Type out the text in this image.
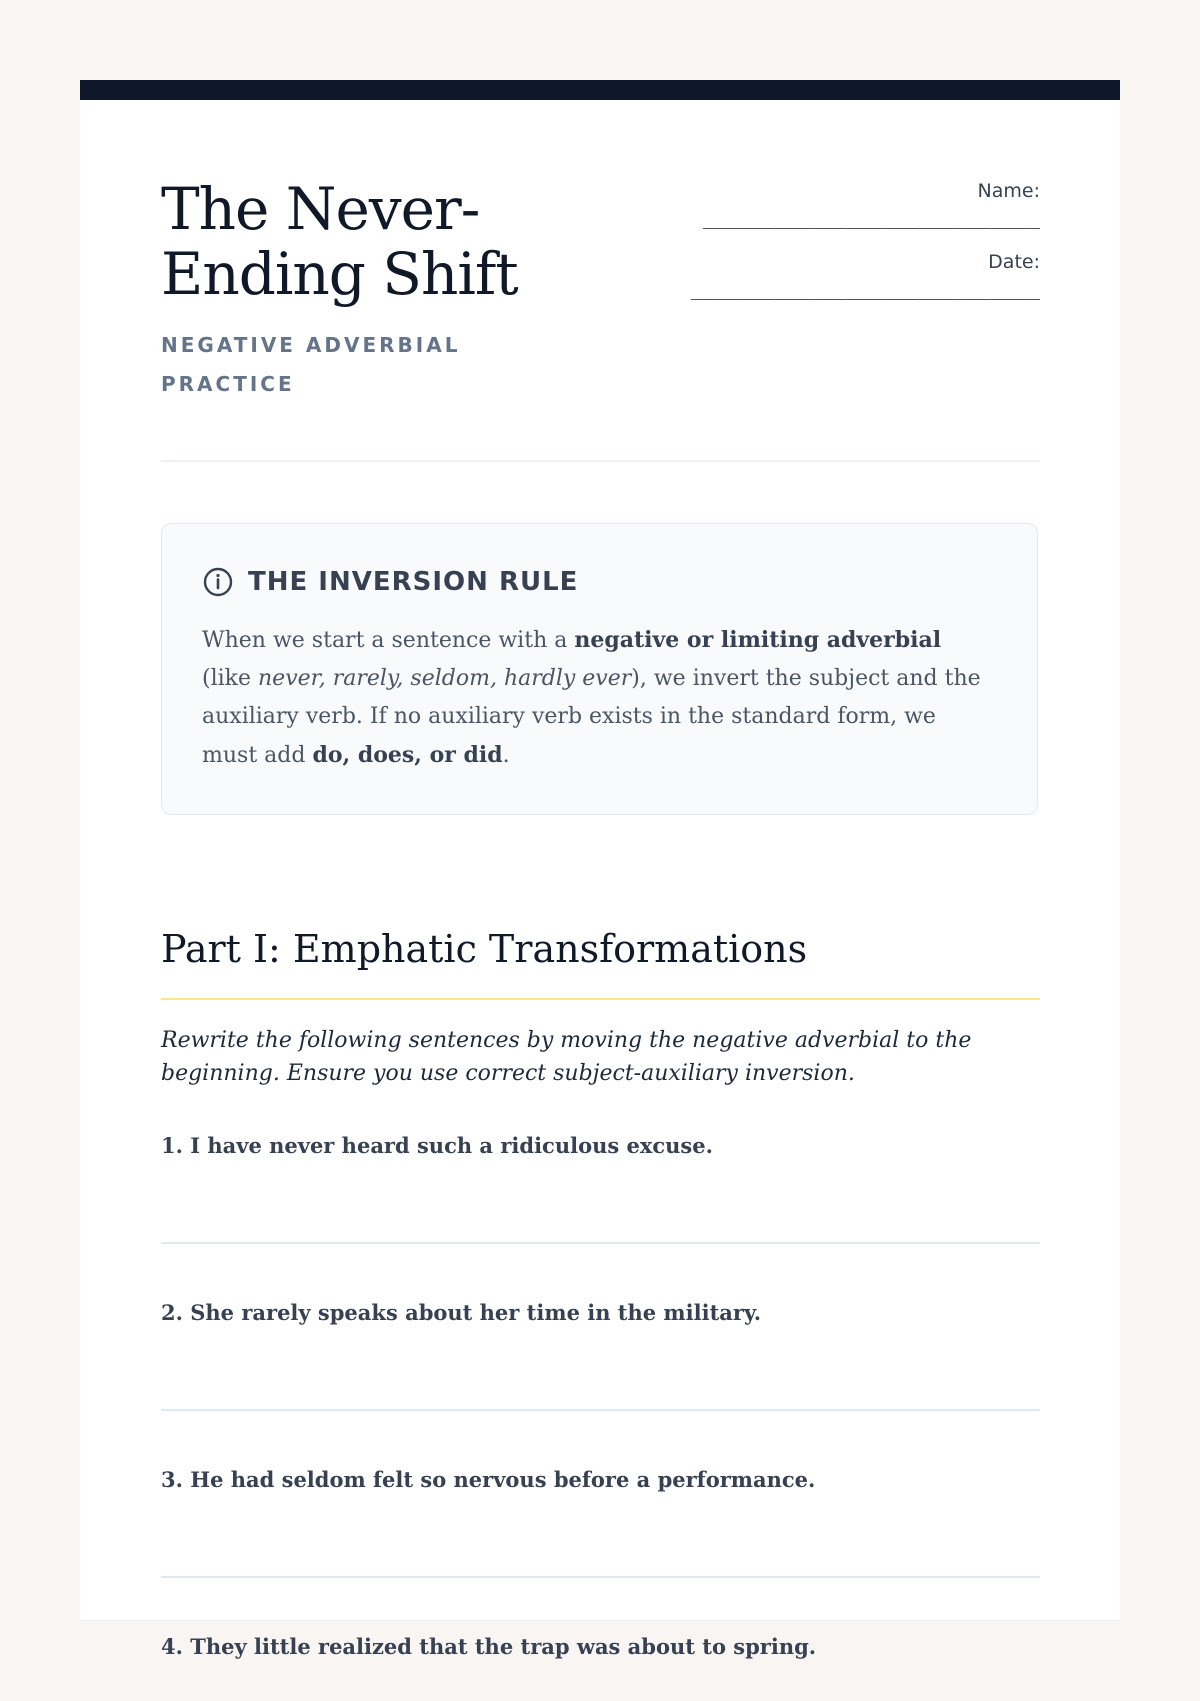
The Never-
Ending Shift
NEGATIVE ADVERBIAL PRACTICE
Name:
____________________________
Date:
_____________________________
THE INVERSION RULE

When we start a sentence with a negative or limiting adverbial (like never, rarely, seldom, hardly ever), we invert the subject and the auxiliary verb. If no auxiliary verb exists in the standard form, we must add do, does, or did.

Part I: Emphatic Transformations

Rewrite the following sentences by moving the negative adverbial to the beginning. Ensure you use correct subject-auxiliary inversion.

1. I have never heard such a ridiculous excuse.

2. She rarely speaks about her time in the military.

3. He had seldom felt so nervous before a performance.

4. They little realized that the trap was about to spring.
